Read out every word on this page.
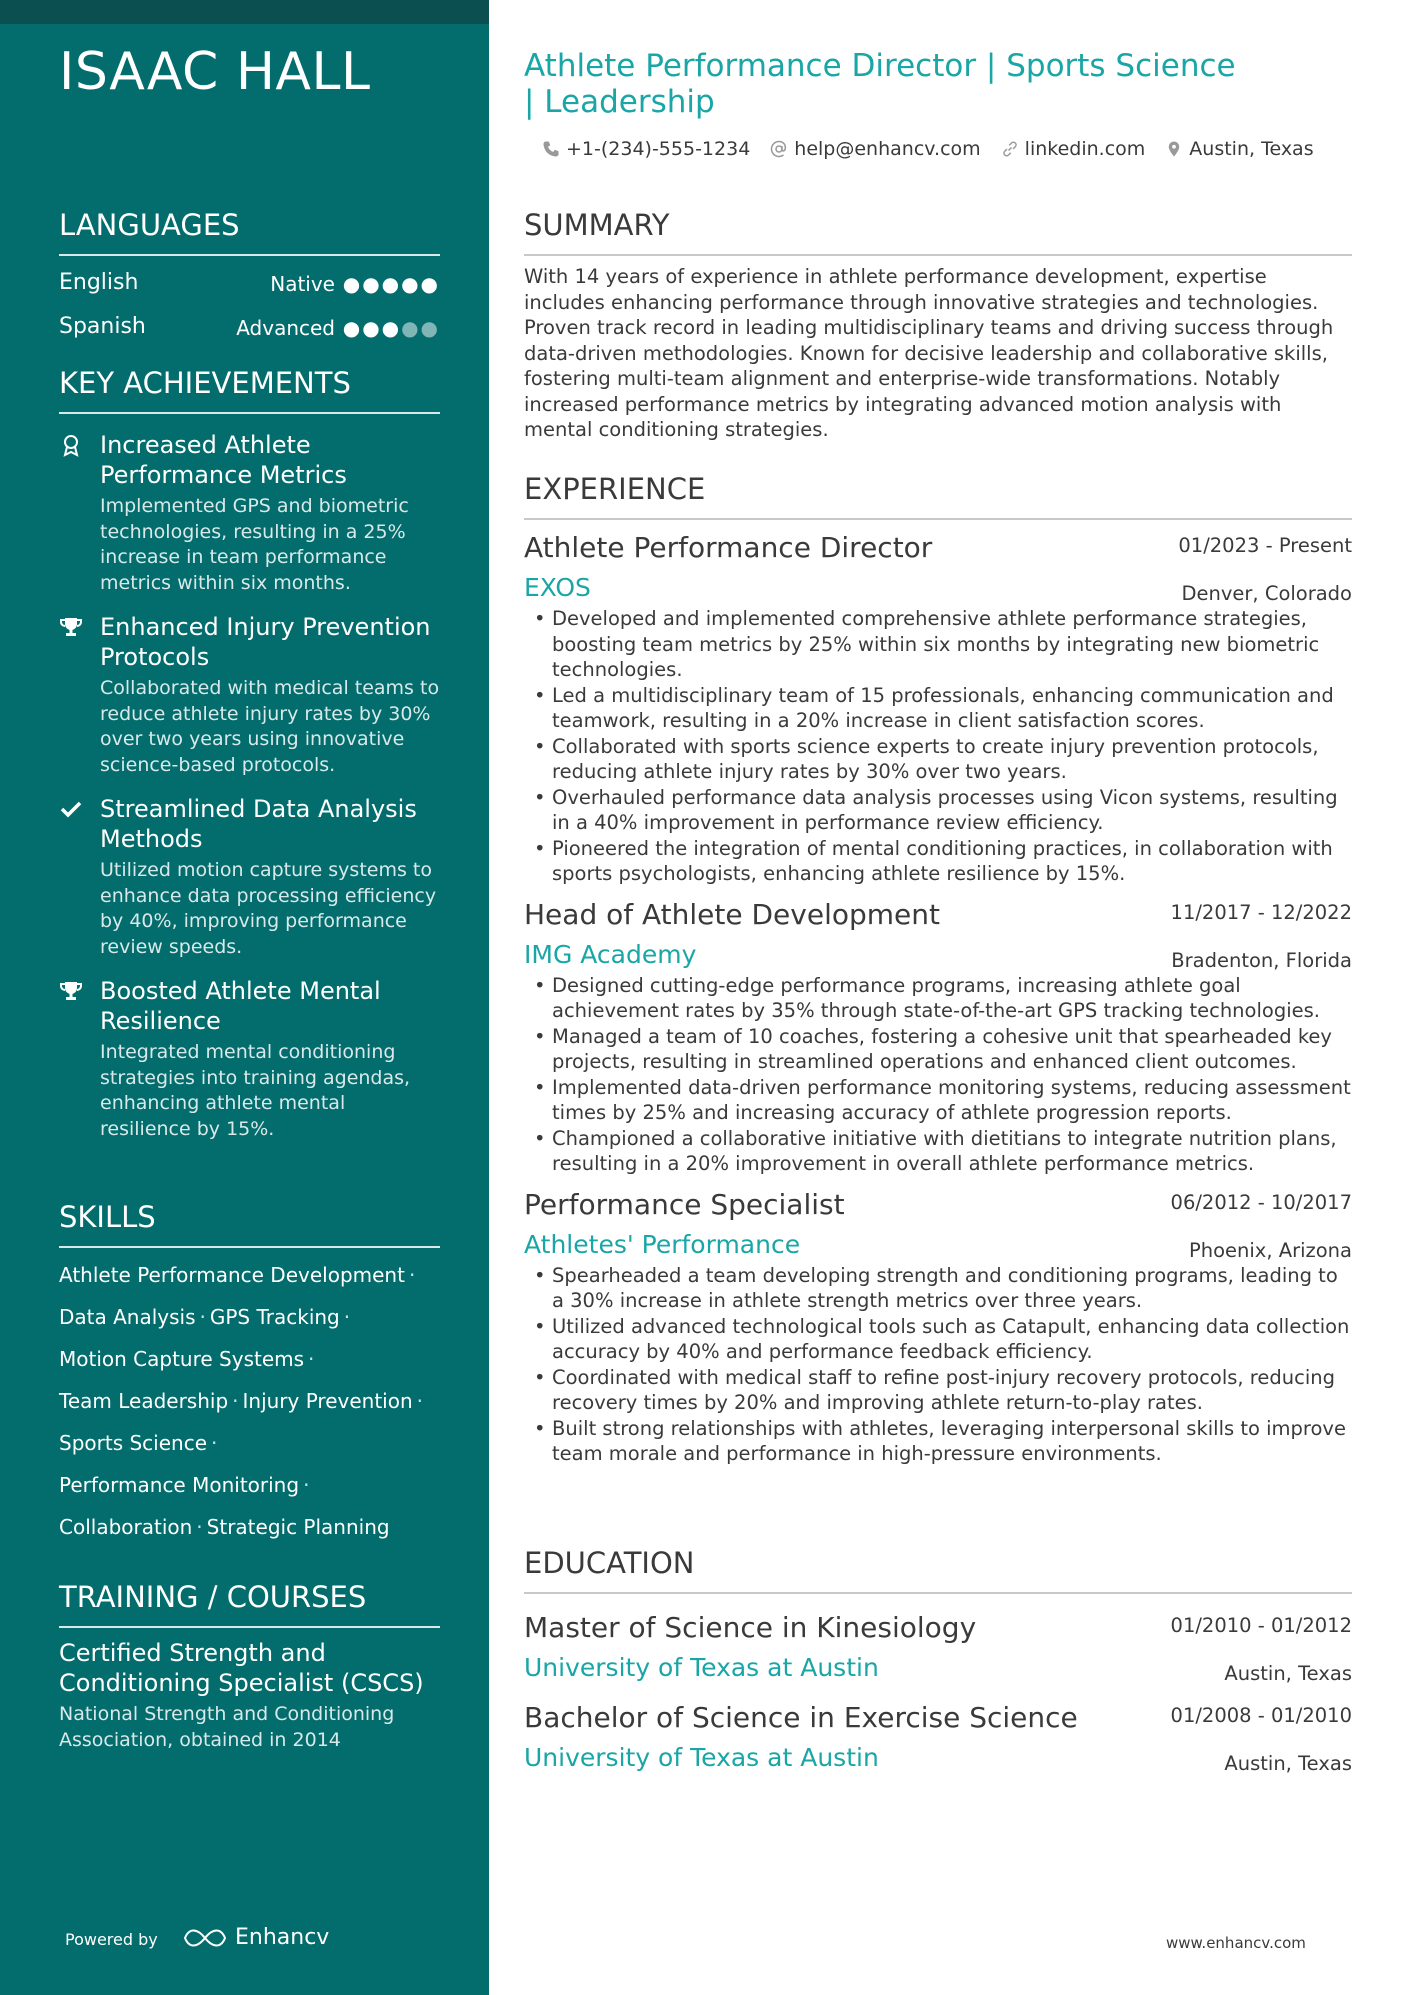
ISAAC HALL
LANGUAGES
English	Native ●●●●●
Spanish	Advanced ●●●●●
KEY ACHIEVEMENTS
Increased Athlete Performance Metrics
Implemented GPS and biometric technologies, resulting in a 25% increase in team performance metrics within six months.
Enhanced Injury Prevention Protocols
Collaborated with medical teams to reduce athlete injury rates by 30% over two years using innovative science-based protocols.
Streamlined Data Analysis Methods
Utilized motion capture systems to enhance data processing efficiency by 40%, improving performance review speeds.
Boosted Athlete Mental Resilience
Integrated mental conditioning strategies into training agendas, enhancing athlete mental resilience by 15%.
SKILLS
Athlete Performance Development ·
Data Analysis · GPS Tracking ·
Motion Capture Systems ·
Team Leadership · Injury Prevention ·
Sports Science ·
Performance Monitoring ·
Collaboration · Strategic Planning
TRAINING / COURSES
Certified Strength and Conditioning Specialist (CSCS)
National Strength and Conditioning Association, obtained in 2014
Powered by	Enhancv
Athlete Performance Director | Sports Science | Leadership
+1-(234)-555-1234 help@enhancv.com linkedin.com Austin, Texas
SUMMARY
With 14 years of experience in athlete performance development, expertise includes enhancing performance through innovative strategies and technologies. Proven track record in leading multidisciplinary teams and driving success through data-driven methodologies. Known for decisive leadership and collaborative skills, fostering multi-team alignment and enterprise-wide transformations. Notably increased performance metrics by integrating advanced motion analysis with mental conditioning strategies.
EXPERIENCE
Athlete Performance Director	01/2023 - Present
EXOS	Denver, Colorado
• Developed and implemented comprehensive athlete performance strategies, boosting team metrics by 25% within six months by integrating new biometric technologies.
• Led a multidisciplinary team of 15 professionals, enhancing communication and teamwork, resulting in a 20% increase in client satisfaction scores.
• Collaborated with sports science experts to create injury prevention protocols, reducing athlete injury rates by 30% over two years.
• Overhauled performance data analysis processes using Vicon systems, resulting in a 40% improvement in performance review efficiency.
• Pioneered the integration of mental conditioning practices, in collaboration with sports psychologists, enhancing athlete resilience by 15%.
Head of Athlete Development	11/2017 - 12/2022
IMG Academy	Bradenton, Florida
• Designed cutting-edge performance programs, increasing athlete goal achievement rates by 35% through state-of-the-art GPS tracking technologies.
• Managed a team of 10 coaches, fostering a cohesive unit that spearheaded key projects, resulting in streamlined operations and enhanced client outcomes.
• Implemented data-driven performance monitoring systems, reducing assessment times by 25% and increasing accuracy of athlete progression reports.
• Championed a collaborative initiative with dietitians to integrate nutrition plans, resulting in a 20% improvement in overall athlete performance metrics.
Performance Specialist	06/2012 - 10/2017
Athletes' Performance	Phoenix, Arizona
• Spearheaded a team developing strength and conditioning programs, leading to a 30% increase in athlete strength metrics over three years.
• Utilized advanced technological tools such as Catapult, enhancing data collection accuracy by 40% and performance feedback efficiency.
• Coordinated with medical staff to refine post-injury recovery protocols, reducing recovery times by 20% and improving athlete return-to-play rates.
• Built strong relationships with athletes, leveraging interpersonal skills to improve team morale and performance in high-pressure environments.
EDUCATION
Master of Science in Kinesiology	01/2010 - 01/2012
University of Texas at Austin	Austin, Texas
Bachelor of Science in Exercise Science	01/2008 - 01/2010
University of Texas at Austin	Austin, Texas
www.enhancv.com
